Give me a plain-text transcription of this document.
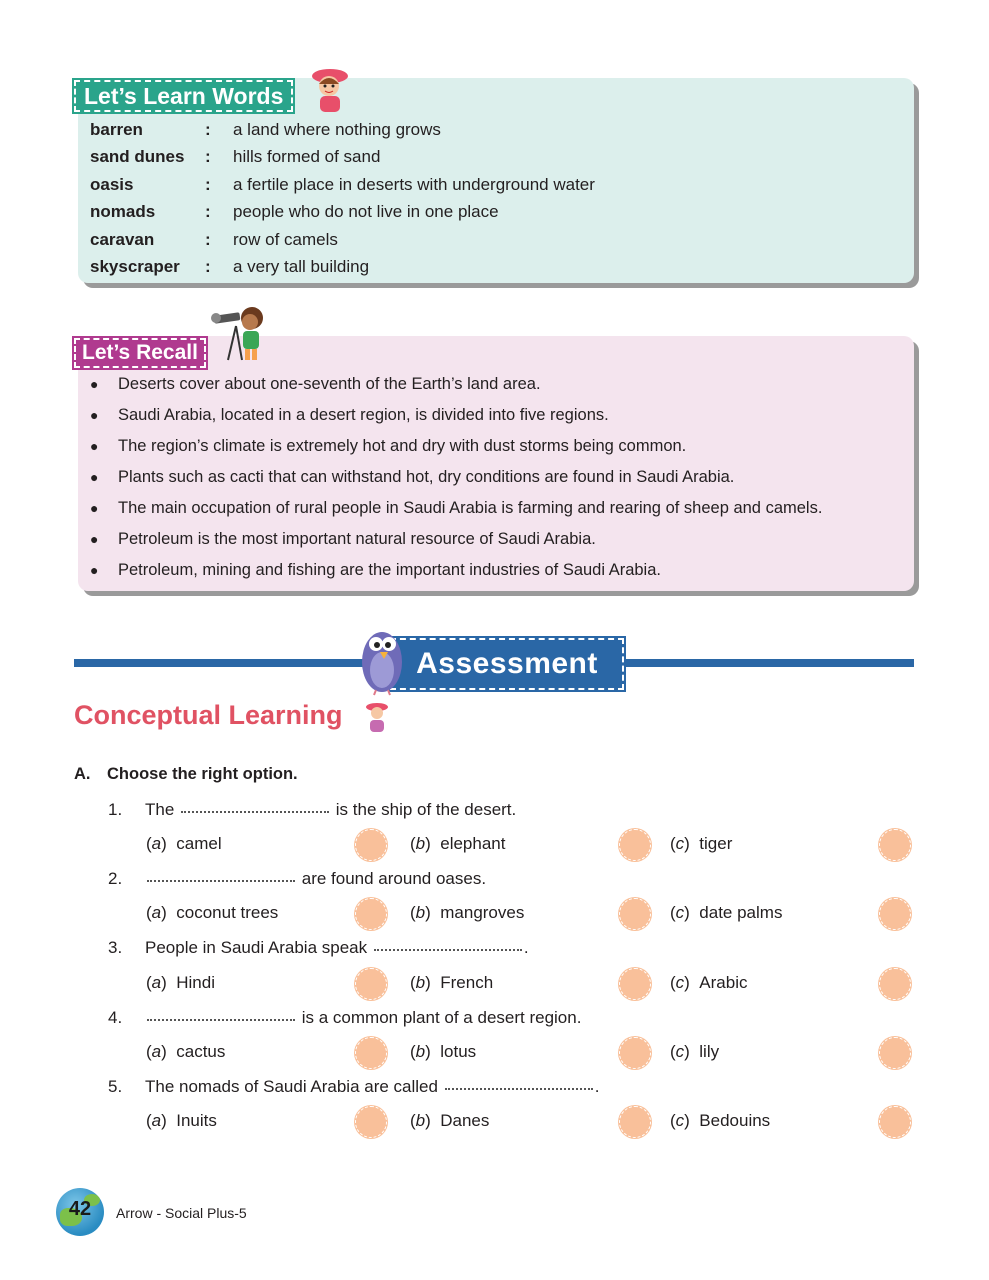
Let’s Learn Words
barren	:	a land where nothing grows
sand dunes	:	hills formed of sand
oasis	:	a fertile place in deserts with underground water
nomads	:	people who do not live in one place
caravan	:	row of camels
skyscraper	:	a very tall building
Let’s Recall
●	Deserts cover about one-seventh of the Earth’s land area.
●	Saudi Arabia, located in a desert region, is divided into five regions.
●	The region’s climate is extremely hot and dry with dust storms being common.
●	Plants such as cacti that can withstand hot, dry conditions are found in Saudi Arabia.
●	The main occupation of rural people in Saudi Arabia is farming and rearing of sheep and camels.
●	Petroleum is the most important natural resource of Saudi Arabia.
●	Petroleum, mining and fishing are the important industries of Saudi Arabia.
Assessment
Conceptual Learning
A. Choose the right option.
1.	The

	is the ship of the desert.
(a)  camel	(b)  elephant	(c)  tiger
2.
	are found around oases.
(a)  coconut trees	(b)  mangroves	(c)  date palms
3.	People in Saudi Arabia speak
	.
(a)  Hindi	(b)  French	(c)  Arabic
4.
	is a common plant of a desert region.
(a)  cactus	(b)  lotus	(c)  lily
5.	The nomads of Saudi Arabia are called
	.
(a)  Inuits	(b)  Danes	(c)  Bedouins
42	Arrow - Social Plus-5
